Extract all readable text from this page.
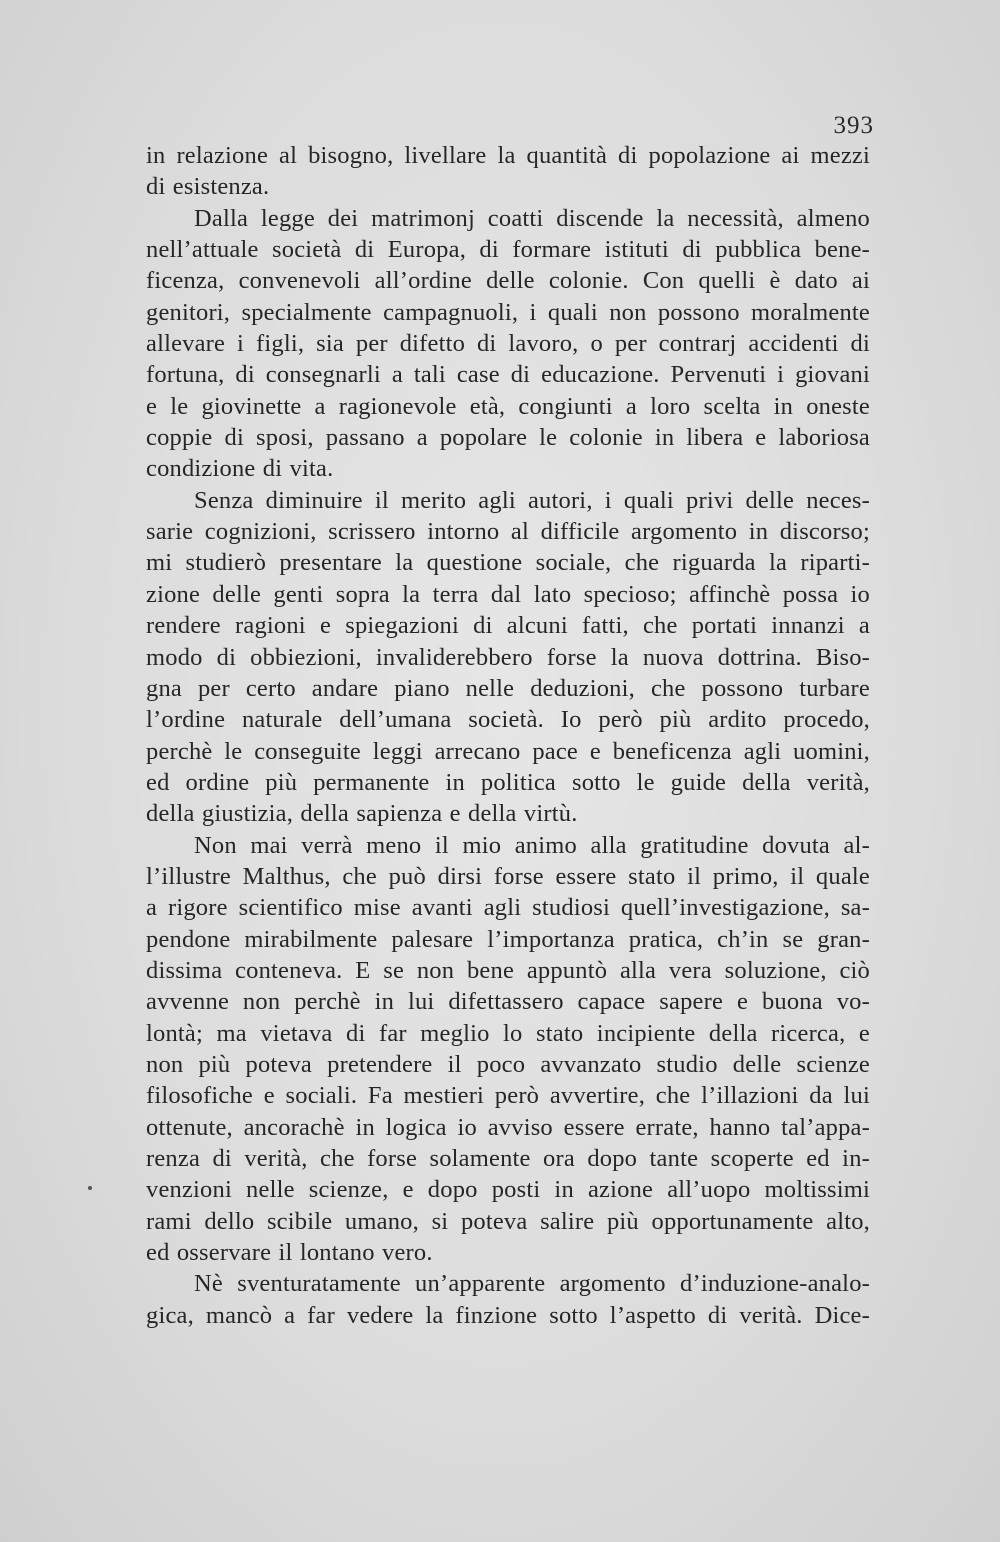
393
in relazione al bisogno, livellare la quantità di popolazione ai mezzi
di esistenza.
Dalla legge dei matrimonj coatti discende la necessità, almeno
nell’attuale società di Europa, di formare istituti di pubblica bene-
ficenza, convenevoli all’ordine delle colonie. Con quelli è dato ai
genitori, specialmente campagnuoli, i quali non possono moralmente
allevare i figli, sia per difetto di lavoro, o per contrarj accidenti di
fortuna, di consegnarli a tali case di educazione. Pervenuti i giovani
e le giovinette a ragionevole età, congiunti a loro scelta in oneste
coppie di sposi, passano a popolare le colonie in libera e laboriosa
condizione di vita.
Senza diminuire il merito agli autori, i quali privi delle neces-
sarie cognizioni, scrissero intorno al difficile argomento in discorso;
mi studierò presentare la questione sociale, che riguarda la riparti-
zione delle genti sopra la terra dal lato specioso; affinchè possa io
rendere ragioni e spiegazioni di alcuni fatti, che portati innanzi a
modo di obbiezioni, invaliderebbero forse la nuova dottrina. Biso-
gna per certo andare piano nelle deduzioni, che possono turbare
l’ordine naturale dell’umana società. Io però più ardito procedo,
perchè le conseguite leggi arrecano pace e beneficenza agli uomini,
ed ordine più permanente in politica sotto le guide della verità,
della giustizia, della sapienza e della virtù.
Non mai verrà meno il mio animo alla gratitudine dovuta al-
l’illustre Malthus, che può dirsi forse essere stato il primo, il quale
a rigore scientifico mise avanti agli studiosi quell’investigazione, sa-
pendone mirabilmente palesare l’importanza pratica, ch’in se gran-
dissima conteneva. E se non bene appuntò alla vera soluzione, ciò
avvenne non perchè in lui difettassero capace sapere e buona vo-
lontà; ma vietava di far meglio lo stato incipiente della ricerca, e
non più poteva pretendere il poco avvanzato studio delle scienze
filosofiche e sociali. Fa mestieri però avvertire, che l’illazioni da lui
ottenute, ancorachè in logica io avviso essere errate, hanno tal’appa-
renza di verità, che forse solamente ora dopo tante scoperte ed in-
venzioni nelle scienze, e dopo posti in azione all’uopo moltissimi
rami dello scibile umano, si poteva salire più opportunamente alto,
ed osservare il lontano vero.
Nè sventuratamente un’apparente argomento d’induzione-analo-
gica, mancò a far vedere la finzione sotto l’aspetto di verità. Dice-
